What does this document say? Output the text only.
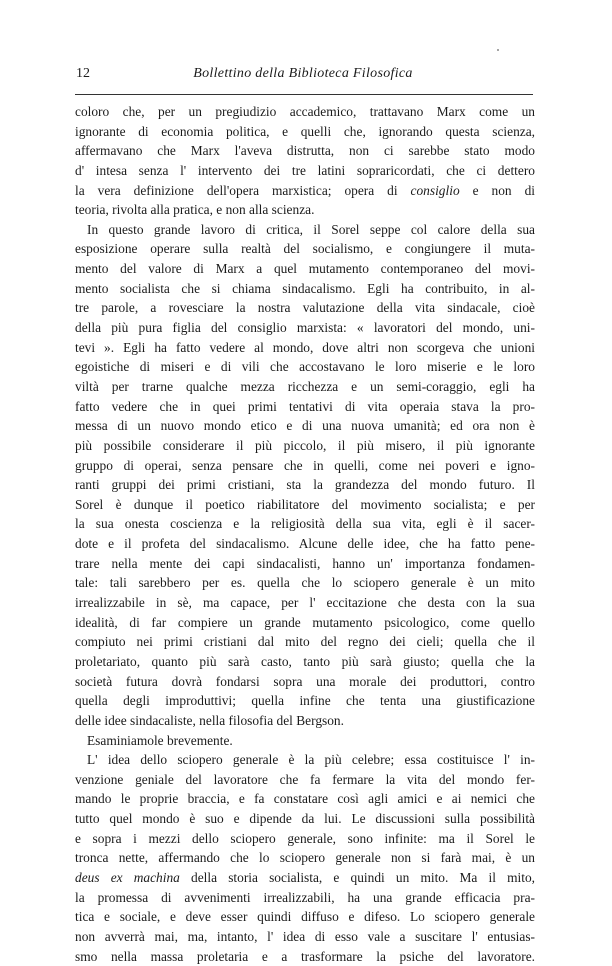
12	Bollettino della Biblioteca Filosofica
coloro che, per un pregiudizio accademico, trattavano Marx come un
ignorante di economia politica, e quelli che, ignorando questa scienza,
affermavano che Marx l'aveva distrutta, non ci sarebbe stato modo
d' intesa senza l' intervento dei tre latini sopraricordati, che ci dettero
la vera definizione dell'opera marxistica; opera di consiglio e non di
teoria, rivolta alla pratica, e non alla scienza.
In questo grande lavoro di critica, il Sorel seppe col calore della sua
esposizione operare sulla realtà del socialismo, e congiungere il muta-
mento del valore di Marx a quel mutamento contemporaneo del movi-
mento socialista che si chiama sindacalismo. Egli ha contribuito, in al-
tre parole, a rovesciare la nostra valutazione della vita sindacale, cioè
della più pura figlia del consiglio marxista: « lavoratori del mondo, uni-
tevi ». Egli ha fatto vedere al mondo, dove altri non scorgeva che unioni
egoistiche di miseri e di vili che accostavano le loro miserie e le loro
viltà per trarne qualche mezza ricchezza e un semi-coraggio, egli ha
fatto vedere che in quei primi tentativi di vita operaia stava la pro-
messa di un nuovo mondo etico e di una nuova umanità; ed ora non è
più possibile considerare il più piccolo, il più misero, il più ignorante
gruppo di operai, senza pensare che in quelli, come nei poveri e igno-
ranti gruppi dei primi cristiani, sta la grandezza del mondo futuro. Il
Sorel è dunque il poetico riabilitatore del movimento socialista; e per
la sua onesta coscienza e la religiosità della sua vita, egli è il sacer-
dote e il profeta del sindacalismo. Alcune delle idee, che ha fatto pene-
trare nella mente dei capi sindacalisti, hanno un' importanza fondamen-
tale: tali sarebbero per es. quella che lo sciopero generale è un mito
irrealizzabile in sè, ma capace, per l' eccitazione che desta con la sua
idealità, di far compiere un grande mutamento psicologico, come quello
compiuto nei primi cristiani dal mito del regno dei cieli; quella che il
proletariato, quanto più sarà casto, tanto più sarà giusto; quella che la
società futura dovrà fondarsi sopra una morale dei produttori, contro
quella degli improduttivi; quella infine che tenta una giustificazione
delle idee sindacaliste, nella filosofia del Bergson.
Esaminiamole brevemente.
L' idea dello sciopero generale è la più celebre; essa costituisce l' in-
venzione geniale del lavoratore che fa fermare la vita del mondo fer-
mando le proprie braccia, e fa constatare così agli amici e ai nemici che
tutto quel mondo è suo e dipende da lui. Le discussioni sulla possibilità
e sopra i mezzi dello sciopero generale, sono infinite: ma il Sorel le
tronca nette, affermando che lo sciopero generale non si farà mai, è un
deus ex machina della storia socialista, e quindi un mito. Ma il mito,
la promessa di avvenimenti irrealizzabili, ha una grande efficacia pra-
tica e sociale, e deve esser quindi diffuso e difeso. Lo sciopero generale
non avverrà mai, ma, intanto, l' idea di esso vale a suscitare l' entusias-
smo nella massa proletaria e a trasformare la psiche del lavoratore.
